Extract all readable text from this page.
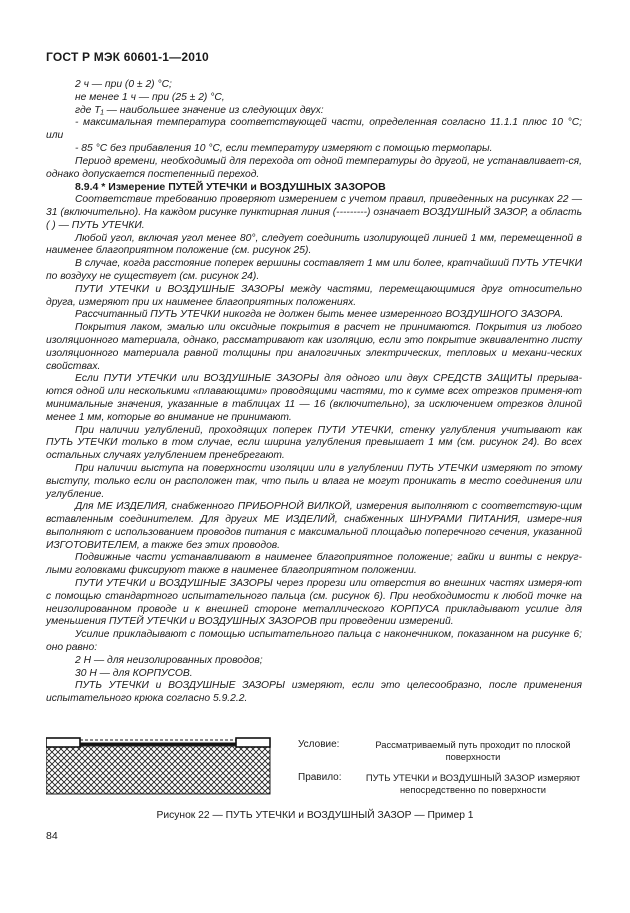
ГОСТ Р МЭК 60601-1—2010

2 ч — при (0 ± 2) °С;

не менее 1 ч — при (25 ± 2) °С,

где T₁ — наибольшее значение из следующих двух:

- максимальная температура соответствующей части, определенная согласно 11.1.1 плюс 10 °С; или

- 85 °С без прибавления 10 °С, если температуру измеряют с помощью термопары.

Период времени, необходимый для перехода от одной температуры до другой, не устанавливает-ся, однако допускается постепенный переход.

8.9.4 * Измерение ПУТЕЙ УТЕЧКИ и ВОЗДУШНЫХ ЗАЗОРОВ

Соответствие требованию проверяют измерением с учетом правил, приведенных на рисунках 22 — 31 (включительно). На каждом рисунке пунктирная линия (---------) означает ВОЗДУШНЫЙ ЗАЗОР, а область ( ) — ПУТЬ УТЕЧКИ.

Любой угол, включая угол менее 80°, следует соединить изолирующей линией 1 мм, перемещенной в наименее благоприятном положение (см. рисунок 25).

В случае, когда расстояние поперек вершины составляет 1 мм или более, кратчайший ПУТЬ УТЕЧКИ по воздуху не существует (см. рисунок 24).

ПУТИ УТЕЧКИ и ВОЗДУШНЫЕ ЗАЗОРЫ между частями, перемещающимися друг относительно друга, измеряют при их наименее благоприятных положениях.

Рассчитанный ПУТЬ УТЕЧКИ никогда не должен быть менее измеренного ВОЗДУШНОГО ЗАЗОРА.

Покрытия лаком, эмалью или оксидные покрытия в расчет не принимаются. Покрытия из любого изоляционного материала, однако, рассматривают как изоляцию, если это покрытие эквивалентно листу изоляционного материала равной толщины при аналогичных электрических, тепловых и механи-ческих свойствах.

Если ПУТИ УТЕЧКИ или ВОЗДУШНЫЕ ЗАЗОРЫ для одного или двух СРЕДСТВ ЗАЩИТЫ прерыва-ются одной или несколькими «плавающими» проводящими частями, то к сумме всех отрезков применя-ют минимальные значения, указанные в таблицах 11 — 16 (включительно), за исключением отрезков длиной менее 1 мм, которые во внимание не принимают.

При наличии углублений, проходящих поперек ПУТИ УТЕЧКИ, стенку углубления учитывают как ПУТЬ УТЕЧКИ только в том случае, если ширина углубления превышает 1 мм (см. рисунок 24). Во всех остальных случаях углублением пренебрегают.

При наличии выступа на поверхности изоляции или в углублении ПУТЬ УТЕЧКИ измеряют по этому выступу, только если он расположен так, что пыль и влага не могут проникать в место соединения или углубление.

Для МЕ ИЗДЕЛИЯ, снабженного ПРИБОРНОЙ ВИЛКОЙ, измерения выполняют с соответствую-щим вставленным соединителем. Для других МЕ ИЗДЕЛИЙ, снабженных ШНУРАМИ ПИТАНИЯ, измере-ния выполняют с использованием проводов питания с максимальной площадью поперечного сечения, указанной ИЗГОТОВИТЕЛЕМ, а также без этих проводов.

Подвижные части устанавливают в наименее благоприятное положение; гайки и винты с некруг-лыми головками фиксируют также в наименее благоприятном положении.

ПУТИ УТЕЧКИ и ВОЗДУШНЫЕ ЗАЗОРЫ через прорези или отверстия во внешних частях измеря-ют с помощью стандартного испытательного пальца (см. рисунок 6). При необходимости к любой точке на неизолированном проводе и к внешней стороне металлического КОРПУСА прикладывают усилие для уменьшения ПУТЕЙ УТЕЧКИ и ВОЗДУШНЫХ ЗАЗОРОВ при проведении измерений.

Усилие прикладывают с помощью испытательного пальца с наконечником, показанном на рисунке 6; оно равно:

2 Н — для неизолированных проводов;

30 Н — для КОРПУСОВ.

ПУТЬ УТЕЧКИ и ВОЗДУШНЫЕ ЗАЗОРЫ измеряют, если это целесообразно, после применения испытательного крюка согласно 5.9.2.2.

Условие:	Рассматриваемый путь проходит по плоской поверхности
Правило:	ПУТЬ УТЕЧКИ и ВОЗДУШНЫЙ ЗАЗОР измеряют непосредственно по поверхности
Рисунок 22 — ПУТЬ УТЕЧКИ и ВОЗДУШНЫЙ ЗАЗОР — Пример 1
84
